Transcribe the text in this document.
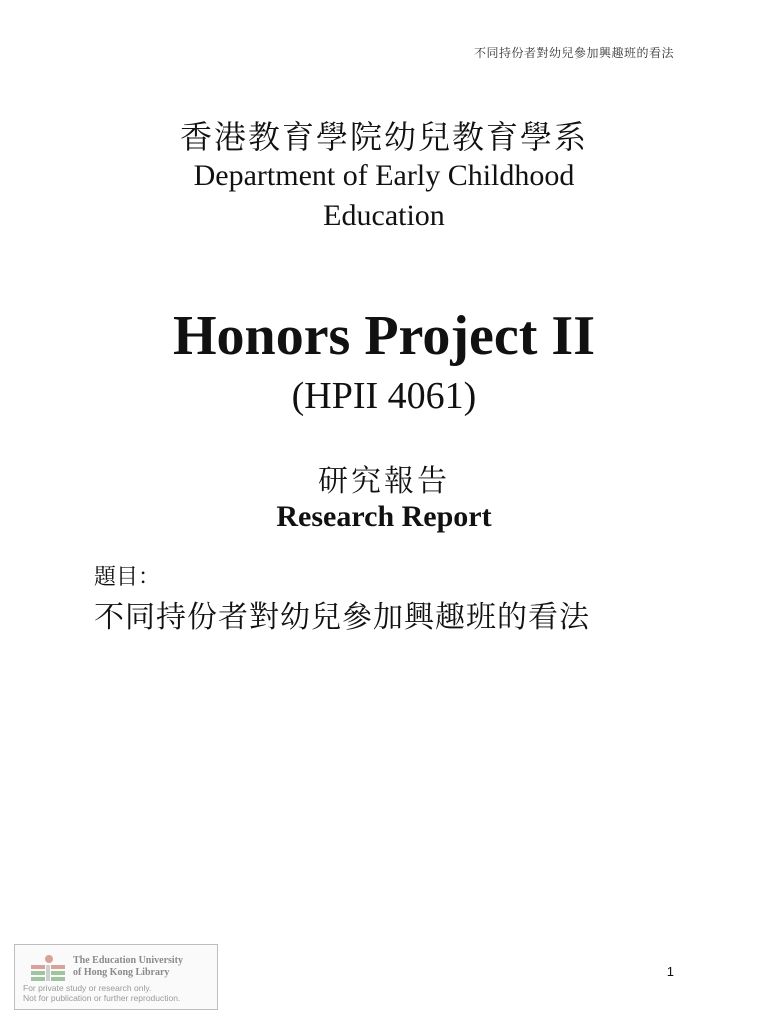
不同持份者對幼兒參加興趣班的看法
香港教育學院幼兒教育學系
Department of Early Childhood
Education
Honors Project II
(HPII 4061)
研究報告
Research Report
題目：
不同持份者對幼兒參加興趣班的看法
1
The Education University
of Hong Kong Library
For private study or research only.
Not for publication or further reproduction.
